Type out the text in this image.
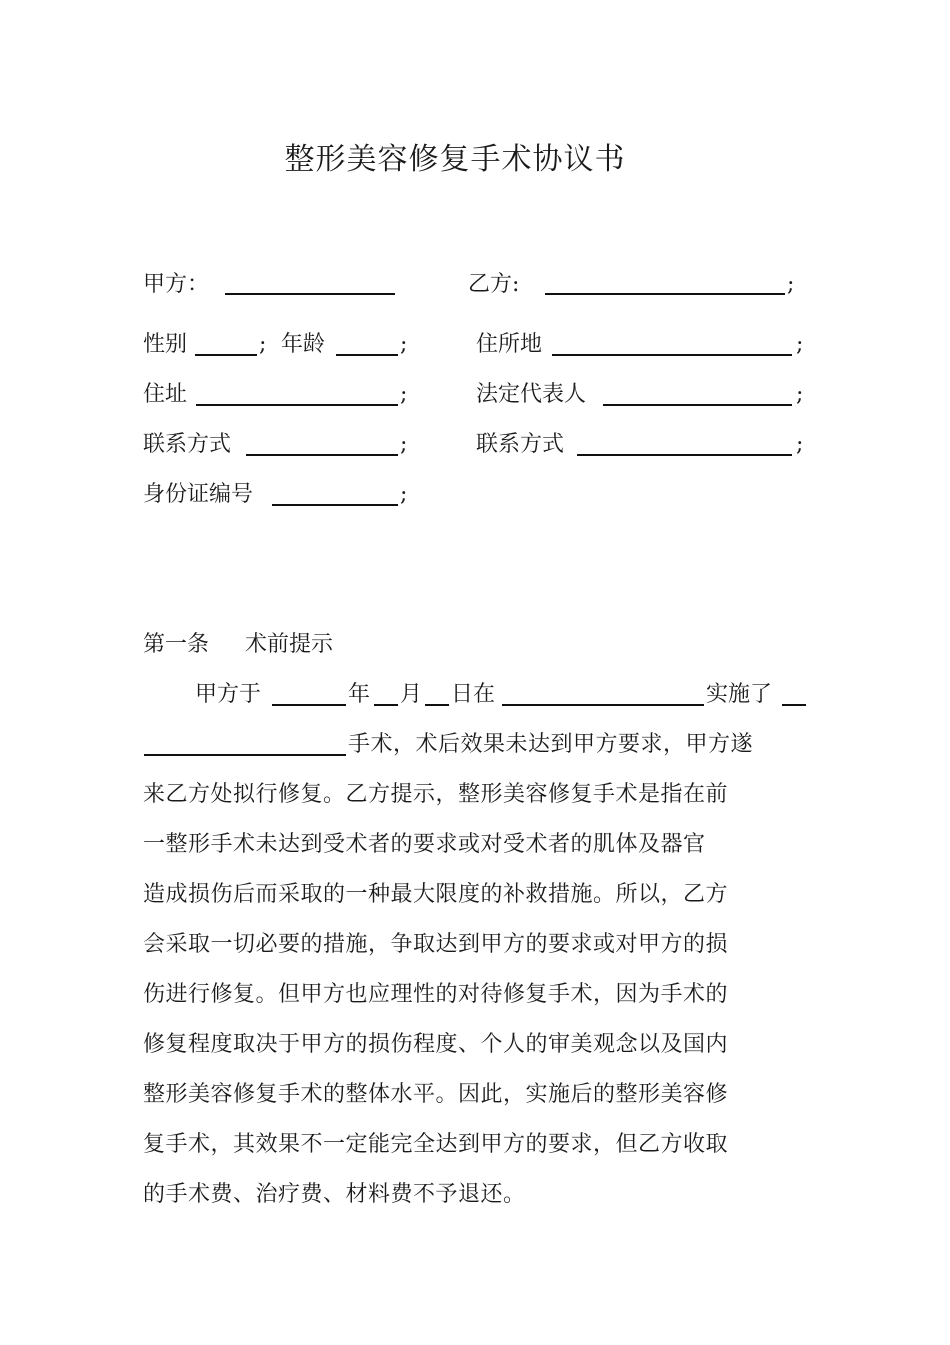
整形美容修复手术协议书
甲方：	乙方:	;
性别	; 年龄	;	住所地	;
住址	;	法定代表人	;
联系方式	;	联系方式	;
身份证编号	;
第一条 术前提示
甲方于	年 月 日在	实施了
手术，术后效果未达到甲方要求，甲方遂
来乙方处拟行修复。乙方提示，整形美容修复手术是指在前
一整形手术未达到受术者的要求或对受术者的肌体及器官
造成损伤后而采取的一种最大限度的补救措施。所以，乙方
会采取一切必要的措施，争取达到甲方的要求或对甲方的损
伤进行修复。但甲方也应理性的对待修复手术，因为手术的
修复程度取决于甲方的损伤程度、个人的审美观念以及国内
整形美容修复手术的整体水平。因此，实施后的整形美容修
复手术，其效果不一定能完全达到甲方的要求，但乙方收取
的手术费、治疗费、材料费不予退还。
